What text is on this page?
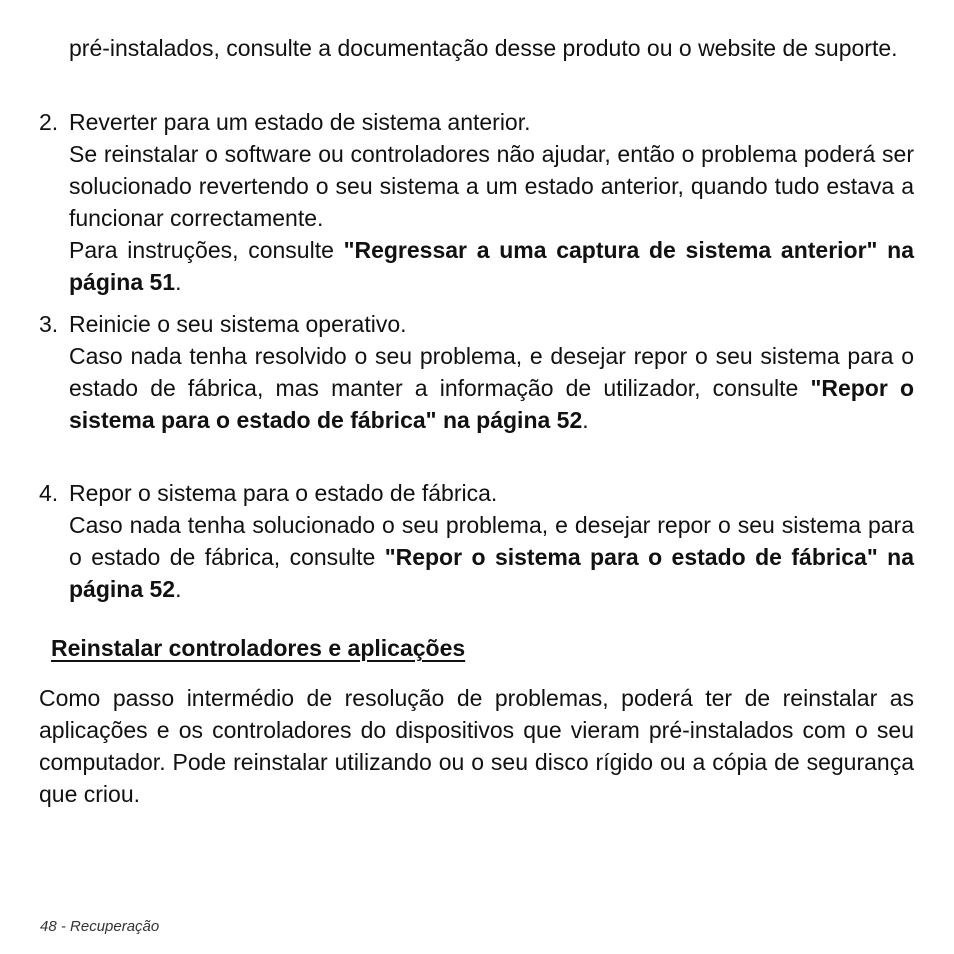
pré-instalados, consulte a documentação desse produto ou o website de suporte.
2. Reverter para um estado de sistema anterior.
Se reinstalar o software ou controladores não ajudar, então o problema poderá ser solucionado revertendo o seu sistema a um estado anterior, quando tudo estava a funcionar correctamente.
Para instruções, consulte "Regressar a uma captura de sistema anterior" na página 51.
3. Reinicie o seu sistema operativo.
Caso nada tenha resolvido o seu problema, e desejar repor o seu sistema para o estado de fábrica, mas manter a informação de utilizador, consulte "Repor o sistema para o estado de fábrica" na página 52.
4. Repor o sistema para o estado de fábrica.
Caso nada tenha solucionado o seu problema, e desejar repor o seu sistema para o estado de fábrica, consulte "Repor o sistema para o estado de fábrica" na página 52.
Reinstalar controladores e aplicações
Como passo intermédio de resolução de problemas, poderá ter de reinstalar as aplicações e os controladores do dispositivos que vieram pré-instalados com o seu computador. Pode reinstalar utilizando ou o seu disco rígido ou a cópia de segurança que criou.
48 - Recuperação
